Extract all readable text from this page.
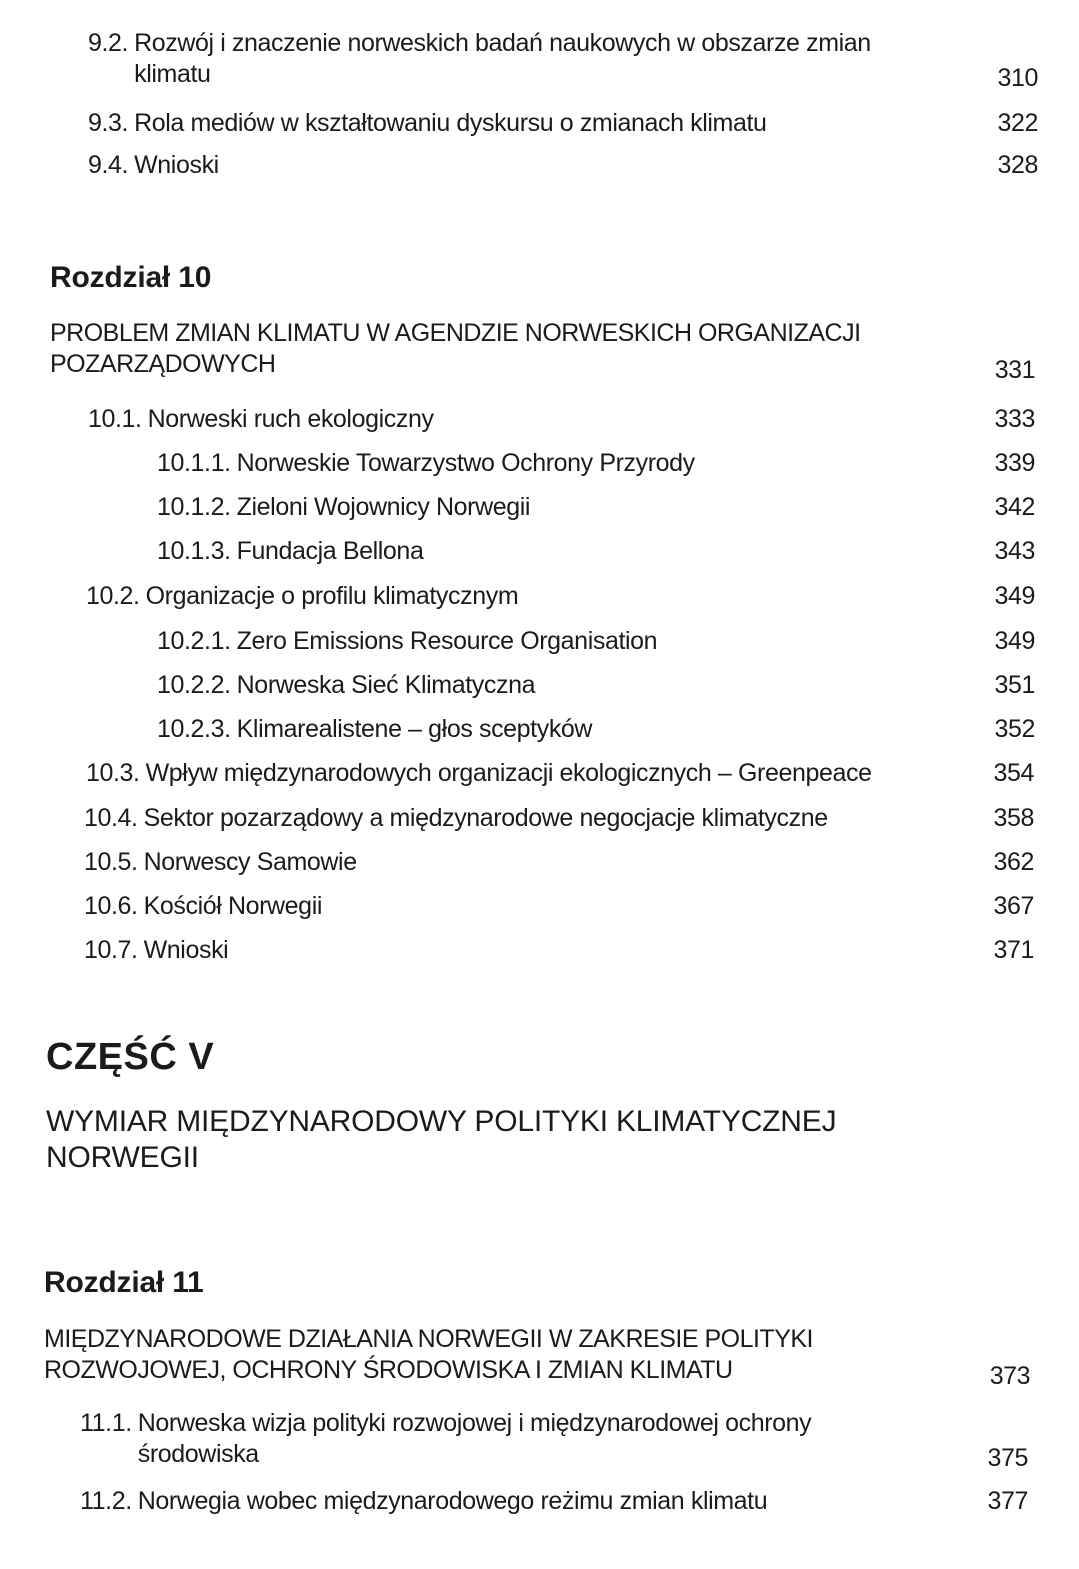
9.2. Rozwój i znaczenie norweskich badań naukowych w obszarze zmian klimatu	310
9.3. Rola mediów w kształtowaniu dyskursu o zmianach klimatu	322
9.4. Wnioski	328
Rozdział 10
PROBLEM ZMIAN KLIMATU W AGENDZIE NORWESKICH ORGANIZACJI POZARZĄDOWYCH	331
10.1. Norweski ruch ekologiczny	333
10.1.1. Norweskie Towarzystwo Ochrony Przyrody	339
10.1.2. Zieloni Wojownicy Norwegii	342
10.1.3. Fundacja Bellona	343
10.2. Organizacje o profilu klimatycznym	349
10.2.1. Zero Emissions Resource Organisation	349
10.2.2. Norweska Sieć Klimatyczna	351
10.2.3. Klimarealistene – głos sceptyków	352
10.3. Wpływ międzynarodowych organizacji ekologicznych – Greenpeace	354
10.4. Sektor pozarządowy a międzynarodowe negocjacje klimatyczne	358
10.5. Norwescy Samowie	362
10.6. Kościół Norwegii	367
10.7. Wnioski	371
CZĘŚĆ V
WYMIAR MIĘDZYNARODOWY POLITYKI KLIMATYCZNEJ
NORWEGII
Rozdział 11
MIĘDZYNARODOWE DZIAŁANIA NORWEGII W ZAKRESIE POLITYKI ROZWOJOWEJ, OCHRONY ŚRODOWISKA I ZMIAN KLIMATU	373
11.1. Norweska wizja polityki rozwojowej i międzynarodowej ochrony środowiska	375
11.2. Norwegia wobec międzynarodowego reżimu zmian klimatu	377
